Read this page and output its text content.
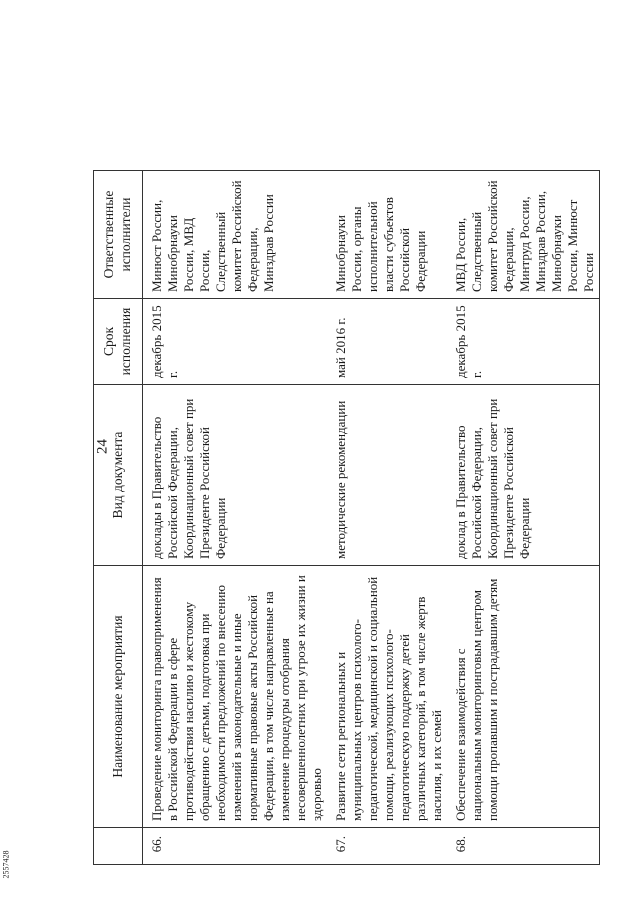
24
2557428
	Наименование мероприятия	Вид документа	Срок исполнения	Ответственные исполнители
66.	Проведение мониторинга правоприменения в Российской Федерации в сфере противодействия насилию и жестокому обращению с детьми, подготовка при необходимости предложений по внесению изменений в законодательные и иные нормативные правовые акты Российской Федерации, в том числе направленные на изменение процедуры отобрания несовершеннолетних при угрозе их жизни и здоровью	доклады в Правительство Российской Федерации, Координационный совет при Президенте Российской Федерации	декабрь 2015 г.	Минюст России, Минобрнауки России, МВД России, Следственный комитет Российской Федерации, Минздрав России
67.	Развитие сети региональных и муниципальных центров психолого-педагогической, медицинской и социальной помощи, реализующих психолого-педагогическую поддержку детей различных категорий, в том числе жертв насилия, и их семей	методические рекомендации	май 2016 г.	Минобрнауки России, органы исполнительной власти субъектов Российской Федерации
68.	Обеспечение взаимодействия с национальным мониторинговым центром помощи пропавшим и пострадавшим детям	доклад в Правительство Российской Федерации, Координационный совет при Президенте Российской Федерации	декабрь 2015 г.	МВД России, Следственный комитет Российской Федерации, Минтруд России, Минздрав России, Минобрнауки России, Минюст России
